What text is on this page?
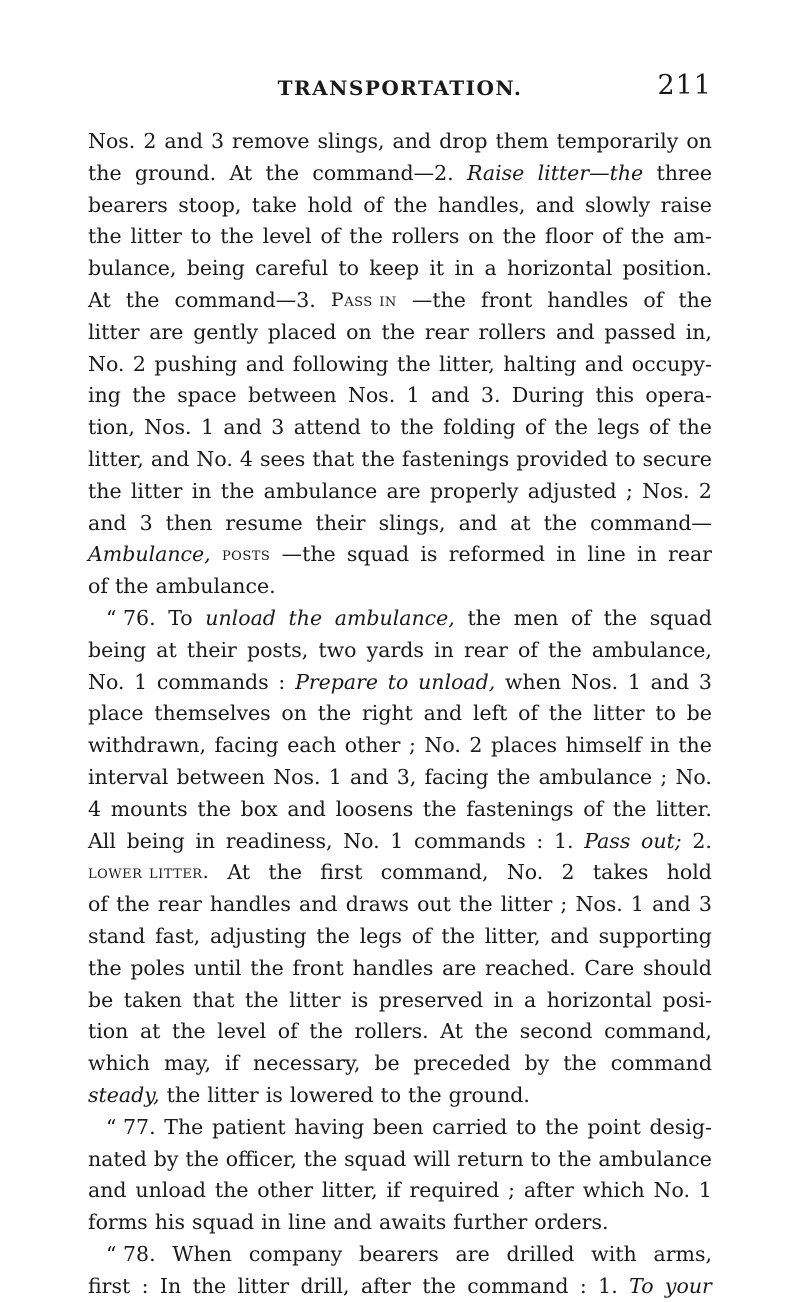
TRANSPORTATION.	211
Nos. 2 and 3 remove slings, and drop them temporarily on
the ground. At the command—2. Raise litter—the three
bearers stoop, take hold of the handles, and slowly raise
the litter to the level of the rollers on the floor of the am-
bulance, being careful to keep it in a horizontal position.
At the command—3. Pass in —the front handles of the
litter are gently placed on the rear rollers and passed in,
No. 2 pushing and following the litter, halting and occupy-
ing the space between Nos. 1 and 3. During this opera-
tion, Nos. 1 and 3 attend to the folding of the legs of the
litter, and No. 4 sees that the fastenings provided to secure
the litter in the ambulance are properly adjusted ; Nos. 2
and 3 then resume their slings, and at the command—
Ambulance, posts —the squad is reformed in line in rear
of the ambulance.
“ 76. To unload the ambulance, the men of the squad
being at their posts, two yards in rear of the ambulance,
No. 1 commands : Prepare to unload, when Nos. 1 and 3
place themselves on the right and left of the litter to be
withdrawn, facing each other ; No. 2 places himself in the
interval between Nos. 1 and 3, facing the ambulance ; No.
4 mounts the box and loosens the fastenings of the litter.
All being in readiness, No. 1 commands : 1. Pass out; 2.
lower litter. At the first command, No. 2 takes hold
of the rear handles and draws out the litter ; Nos. 1 and 3
stand fast, adjusting the legs of the litter, and supporting
the poles until the front handles are reached. Care should
be taken that the litter is preserved in a horizontal posi-
tion at the level of the rollers. At the second command,
which may, if necessary, be preceded by the command
steady, the litter is lowered to the ground.
“ 77. The patient having been carried to the point desig-
nated by the officer, the squad will return to the ambulance
and unload the other litter, if required ; after which No. 1
forms his squad in line and awaits further orders.
“ 78. When company bearers are drilled with arms,
first : In the litter drill, after the command : 1. To your
